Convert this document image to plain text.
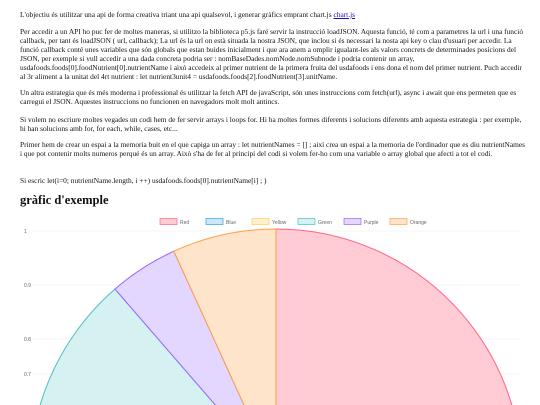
L'objectiu és utilitzar una api de forma creativa triant una api qualsevol, i generar gràfics emprant chart.js chart.js

Per accedir a un API ho puc fer de moltes maneras, si utilitzo la biblioteca p5.js faré servir la instrucció loadJSON. Aquesta funció, té com a parametres la url i una funció callback, per tant és loadJSON ( url, callback); La url és la url on està situada la nostra JSON, que inclou si és necessari la nosta api key o clau d'usuari per accedir. La funció callback conté unes variables que són globals que estan buides inicialment i que ara anem a omplir igualant-les als valors concrets de determinades posicions del JSON, per exemple si vull accedir a una dada concreta podria ser : nomBaseDades.nomNode.nomSubnode i podria contenir un array, usdafoods.foods[0].foodNutrient[0].nutrientName i això accedeix al primer nutrient de la primera fruita del usdafoods i ens dona el nom del primer nutrient. Puch accedir al 3r aliment a la unitat del 4rt nutrient : let nutrient3unit4 = usdafoods.foods[2].foodNutrient[3].unitName.

Un altra estrategia que és més moderna i professional és utilitzar la fetch API de javaScript, són unes instruccions com fetch(url), async i await que ens permeten que es carregui el JSON. Aquestes instruccions no funcionen en navegadors molt molt antincs.

Si volem no escriure moltes vegades un codi hem de fer servir arrays i loops for. Hi ha moltes formes diferents i solucions diferents amb aquesta estrategia : per exemple, hi han solucions amb for, for each, while, cases, etc...

Primer hem de crear un espai a la memoria buit en el que capiga un array : let nutrientNames = [] ; així crea un espai a la memoria de l'ordinador que es diu nutrientNames i que pot contenir molts numeros perqué és un array. Això s'ha de fer al principi del codi si volem fer-ho com una variable o array global que afecti a tot el codi.

Si escric let(i=0; nutrientName.length, i ++) usdafoods.foods[0].nutrientName[i] ; )

gràfic d'exemple
Red	Blue	Yellow	Green	Purple	Orange
1
0.9
0.8
0.7
